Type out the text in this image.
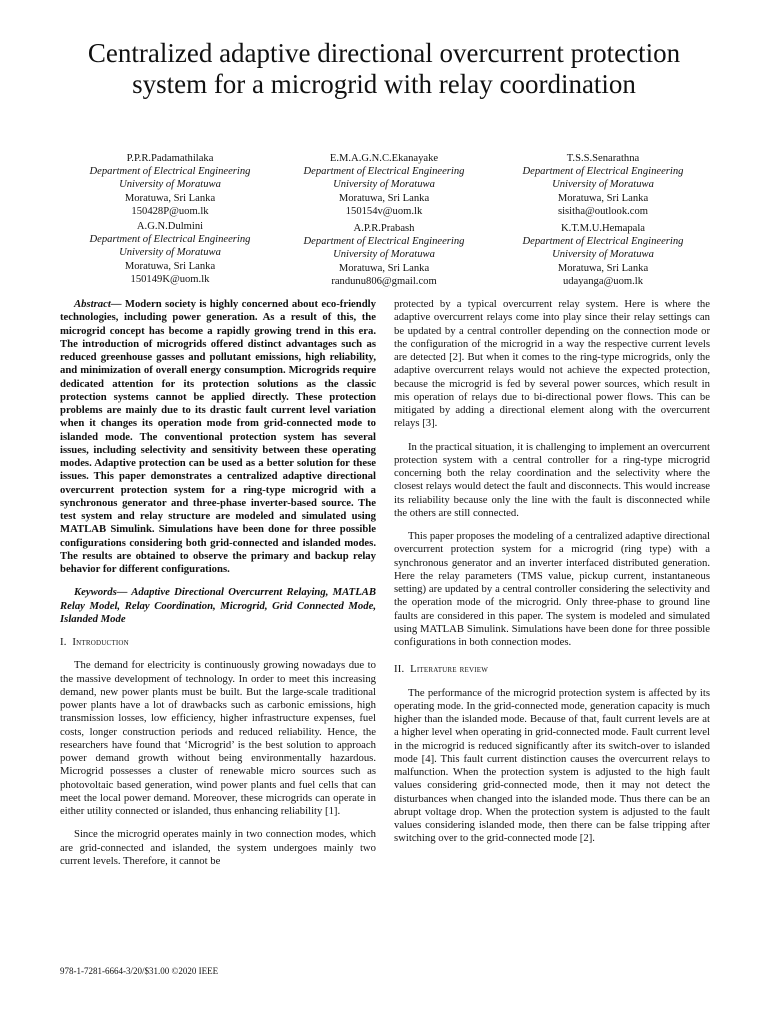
Centralized adaptive directional overcurrent protection system for a microgrid with relay coordination
P.P.R.Padamathilaka
Department of Electrical Engineering
University of Moratuwa
Moratuwa, Sri Lanka
150428P@uom.lk
E.M.A.G.N.C.Ekanayake
Department of Electrical Engineering
University of Moratuwa
Moratuwa, Sri Lanka
150154v@uom.lk
T.S.S.Senarathna
Department of Electrical Engineering
University of Moratuwa
Moratuwa, Sri Lanka
sisitha@outlook.com
A.G.N.Dulmini
Department of Electrical Engineering
University of Moratuwa
Moratuwa, Sri Lanka
150149K@uom.lk
A.P.R.Prabash
Department of Electrical Engineering
University of Moratuwa
Moratuwa, Sri Lanka
randunu806@gmail.com
K.T.M.U.Hemapala
Department of Electrical Engineering
University of Moratuwa
Moratuwa, Sri Lanka
udayanga@uom.lk

Abstract— Modern society is highly concerned about eco-friendly technologies, including power generation. As a result of this, the microgrid concept has become a rapidly growing trend in this era. The introduction of microgrids offered distinct advantages such as reduced greenhouse gasses and pollutant emissions, high reliability, and minimization of overall energy consumption. Microgrids require dedicated attention for its protection solutions as the classic protection systems cannot be applied directly. These protection problems are mainly due to its drastic fault current level variation when it changes its operation mode from grid-connected mode to islanded mode. The conventional protection system has several issues, including selectivity and sensitivity between these operating modes. Adaptive protection can be used as a better solution for these issues. This paper demonstrates a centralized adaptive directional overcurrent protection system for a ring-type microgrid with a synchronous generator and three-phase inverter-based source. The test system and relay structure are modeled and simulated using MATLAB Simulink. Simulations have been done for three possible configurations considering both grid-connected and islanded modes. The results are obtained to observe the primary and backup relay behavior for different configurations.

Keywords— Adaptive Directional Overcurrent Relaying, MATLAB Relay Model, Relay Coordination, Microgrid, Grid Connected Mode, Islanded Mode

I. Introduction

The demand for electricity is continuously growing nowadays due to the massive development of technology. In order to meet this increasing demand, new power plants must be built. But the large-scale traditional power plants have a lot of drawbacks such as carbonic emissions, high transmission losses, low efficiency, higher infrastructure expenses, fuel costs, longer construction periods and reduced reliability. Hence, the researchers have found that ‘Microgrid’ is the best solution to approach power demand growth without being environmentally hazardous. Microgrid possesses a cluster of renewable micro sources such as photovoltaic based generation, wind power plants and fuel cells that can meet the local power demand. Moreover, these microgrids can operate in either utility connected or islanded, thus enhancing reliability [1].

Since the microgrid operates mainly in two connection modes, which are grid-connected and islanded, the system undergoes mainly two current levels. Therefore, it cannot be

protected by a typical overcurrent relay system. Here is where the adaptive overcurrent relays come into play since their relay settings can be updated by a central controller depending on the connection mode or the configuration of the microgrid in a way the respective current levels are detected [2]. But when it comes to the ring-type microgrids, only the adaptive overcurrent relays would not achieve the expected protection, because the microgrid is fed by several power sources, which result in mis operation of relays due to bi-directional power flows. This can be mitigated by adding a directional element along with the overcurrent relays [3].

In the practical situation, it is challenging to implement an overcurrent protection system with a central controller for a ring-type microgrid concerning both the relay coordination and the selectivity where the closest relays would detect the fault and disconnects. This would increase its reliability because only the line with the fault is disconnected while the others are still connected.

This paper proposes the modeling of a centralized adaptive directional overcurrent protection system for a microgrid (ring type) with a synchronous generator and an inverter interfaced distributed generation. Here the relay parameters (TMS value, pickup current, instantaneous setting) are updated by a central controller considering the selectivity and the operation mode of the microgrid. Only three-phase to ground line faults are considered in this paper. The system is modeled and simulated using MATLAB Simulink. Simulations have been done for three possible configurations in both connection modes.

II. Literature review

The performance of the microgrid protection system is affected by its operating mode. In the grid-connected mode, generation capacity is much higher than the islanded mode. Because of that, fault current levels are at a higher level when operating in grid-connected mode. Fault current level in the microgrid is reduced significantly after its switch-over to islanded mode [4]. This fault current distinction causes the overcurrent relays to malfunction. When the protection system is adjusted to the high fault values considering grid-connected mode, then it may not detect the disturbances when changed into the islanded mode. Thus there can be an abrupt voltage drop. When the protection system is adjusted to the fault values considering islanded mode, then there can be false tripping after switching over to the grid-connected mode [2].

978-1-7281-6664-3/20/$31.00 ©2020 IEEE
